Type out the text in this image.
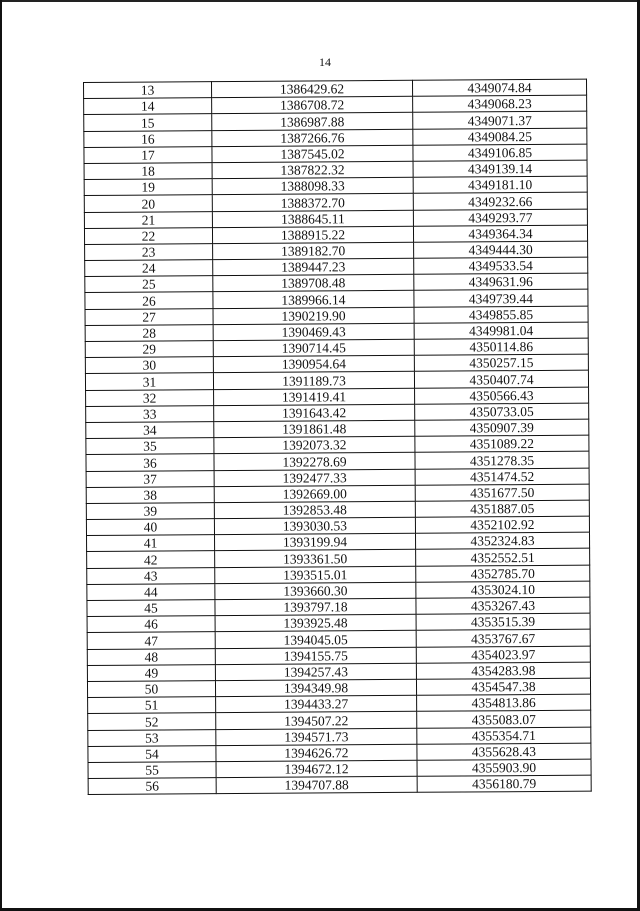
14
13	1386429.62	4349074.84
14	1386708.72	4349068.23
15	1386987.88	4349071.37
16	1387266.76	4349084.25
17	1387545.02	4349106.85
18	1387822.32	4349139.14
19	1388098.33	4349181.10
20	1388372.70	4349232.66
21	1388645.11	4349293.77
22	1388915.22	4349364.34
23	1389182.70	4349444.30
24	1389447.23	4349533.54
25	1389708.48	4349631.96
26	1389966.14	4349739.44
27	1390219.90	4349855.85
28	1390469.43	4349981.04
29	1390714.45	4350114.86
30	1390954.64	4350257.15
31	1391189.73	4350407.74
32	1391419.41	4350566.43
33	1391643.42	4350733.05
34	1391861.48	4350907.39
35	1392073.32	4351089.22
36	1392278.69	4351278.35
37	1392477.33	4351474.52
38	1392669.00	4351677.50
39	1392853.48	4351887.05
40	1393030.53	4352102.92
41	1393199.94	4352324.83
42	1393361.50	4352552.51
43	1393515.01	4352785.70
44	1393660.30	4353024.10
45	1393797.18	4353267.43
46	1393925.48	4353515.39
47	1394045.05	4353767.67
48	1394155.75	4354023.97
49	1394257.43	4354283.98
50	1394349.98	4354547.38
51	1394433.27	4354813.86
52	1394507.22	4355083.07
53	1394571.73	4355354.71
54	1394626.72	4355628.43
55	1394672.12	4355903.90
56	1394707.88	4356180.79
